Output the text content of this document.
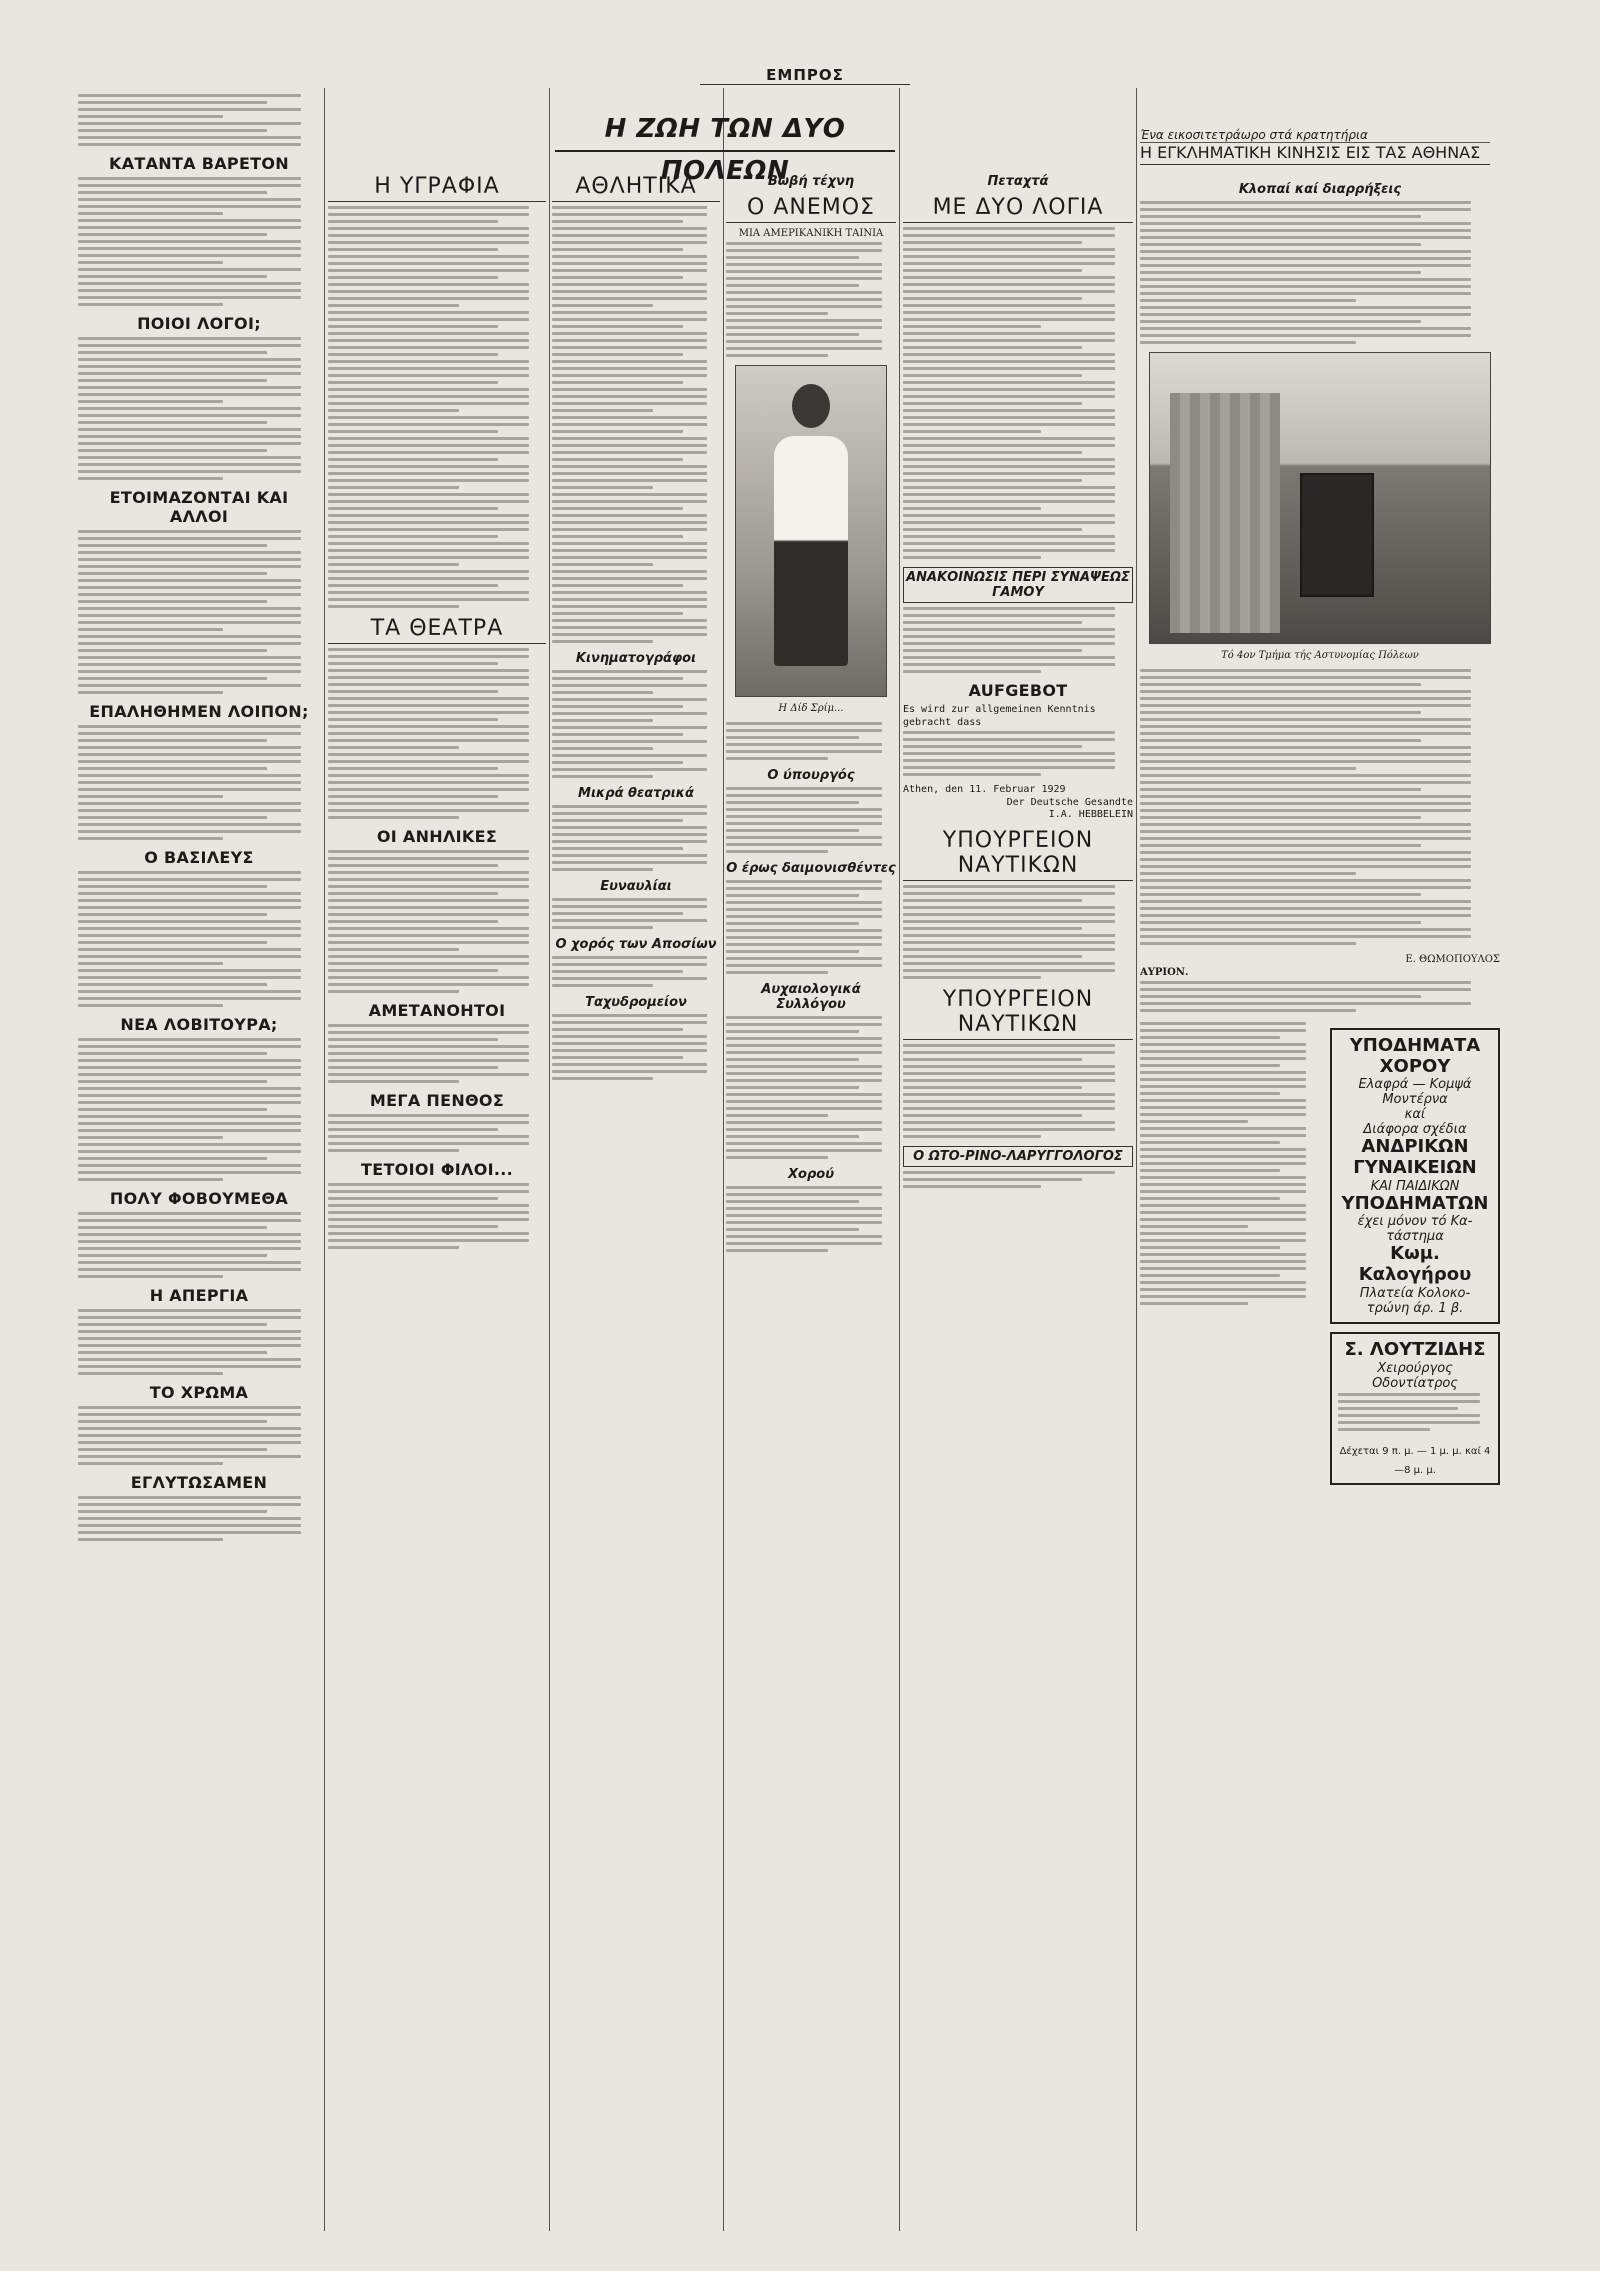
ΕΜΠΡΟΣ
Η ΖΩΗ ΤΩΝ ΔΥΟ ΠΟΛΕΩΝ
Ένα εικοσιτετράωρο στά κρατητήρια
Η ΕΓΚΛΗΜΑΤΙΚΗ ΚΙΝΗΣΙΣ ΕΙΣ ΤΑΣ ΑΘΗΝΑΣ
ΚΑΤΑΝΤΑ ΒΑΡΕΤΟΝ
ΠΟΙΟΙ ΛΟΓΟΙ;
ΕΤΟΙΜΑΖΟΝΤΑΙ ΚΑΙ ΑΛΛΟΙ
ΕΠΑΛΗΘΗΜΕΝ ΛΟΙΠΟΝ;
Ο ΒΑΣΙΛΕΥΣ
ΝΕΑ ΛΟΒΙΤΟΥΡΑ;
ΠΟΛΥ ΦΟΒΟΥΜΕΘΑ
Η ΑΠΕΡΓΙΑ
ΤΟ ΧΡΩΜΑ
ΕΓΛΥΤΩΣΑΜΕΝ
Η ΥΓΡΑΦΙΑ
ΤΑ ΘΕΑΤΡΑ
ΟΙ ΑΝΗΛΙΚΕΣ
ΑΜΕΤΑΝΟΗΤΟΙ
ΜΕΓΑ ΠΕΝΘΟΣ
ΤΕΤΟΙΟΙ ΦΙΛΟΙ...
ΑΘΛΗΤΙΚΑ
Κινηματογράφοι
Μικρά θεατρικά
Ευναυλίαι
Ο χορός των Αποσίων
Ταχυδρομείον
Βωβή τέχνη
Ο ΑΝΕΜΟΣ
ΜΙΑ ΑΜΕΡΙΚΑΝΙΚΗ ΤΑΙΝΙΑ
Η Δίδ Σρίμ...
Ο ύπουργός
Ο έρως δαιμονισθέντες
Αυχαιολογικά Συλλόγου
Χορού
Πεταχτά
ΜΕ ΔΥΟ ΛΟΓΙΑ
ΑΝΑΚΟΙΝΩΣΙΣ ΠΕΡΙ ΣΥΝΑΨΕΩΣ ΓΑΜΟΥ
AUFGEBOT
Es wird zur allgemeinen Kenntnis gebracht dass
Athen, den 11. Februar 1929
Der Deutsche Gesandte
I.A. HEBBELEIN
ΥΠΟΥΡΓΕΙΟΝ ΝΑΥΤΙΚΩΝ
ΥΠΟΥΡΓΕΙΟΝ ΝΑΥΤΙΚΩΝ
Ο ΩΤΟ-ΡΙΝΟ-ΛΑΡΥΓΓΟΛΟΓΟΣ
Κλοπαί καί διαρρήξεις
Τό 4ον Τμήμα τής Αστυνομίας Πόλεων
Ε. ΘΩΜΟΠΟΥΛΟΣ
ΑΥΡΙΟΝ.
ΥΠΟΔΗΜΑΤΑ ΧΟΡΟΥ
Ελαφρά — Κομψά
Μοντέρνα
καί
Διάφορα σχέδια
ΑΝΔΡΙΚΩΝ
ΓΥΝΑΙΚΕΙΩΝ
ΚΑΙ ΠΑΙΔΙΚΩΝ
ΥΠΟΔΗΜΑΤΩΝ
έχει μόνον τό Κα-
τάστημα
Κωμ. Καλογήρου
Πλατεία Κολοκο-
τρώνη άρ. 1 β.
Σ. ΛΟΥΤΖΙΔΗΣ
Χειρούργος Οδοντίατρος
Δέχεται 9 π. μ. — 1 μ. μ. καί 4—8 μ. μ.
